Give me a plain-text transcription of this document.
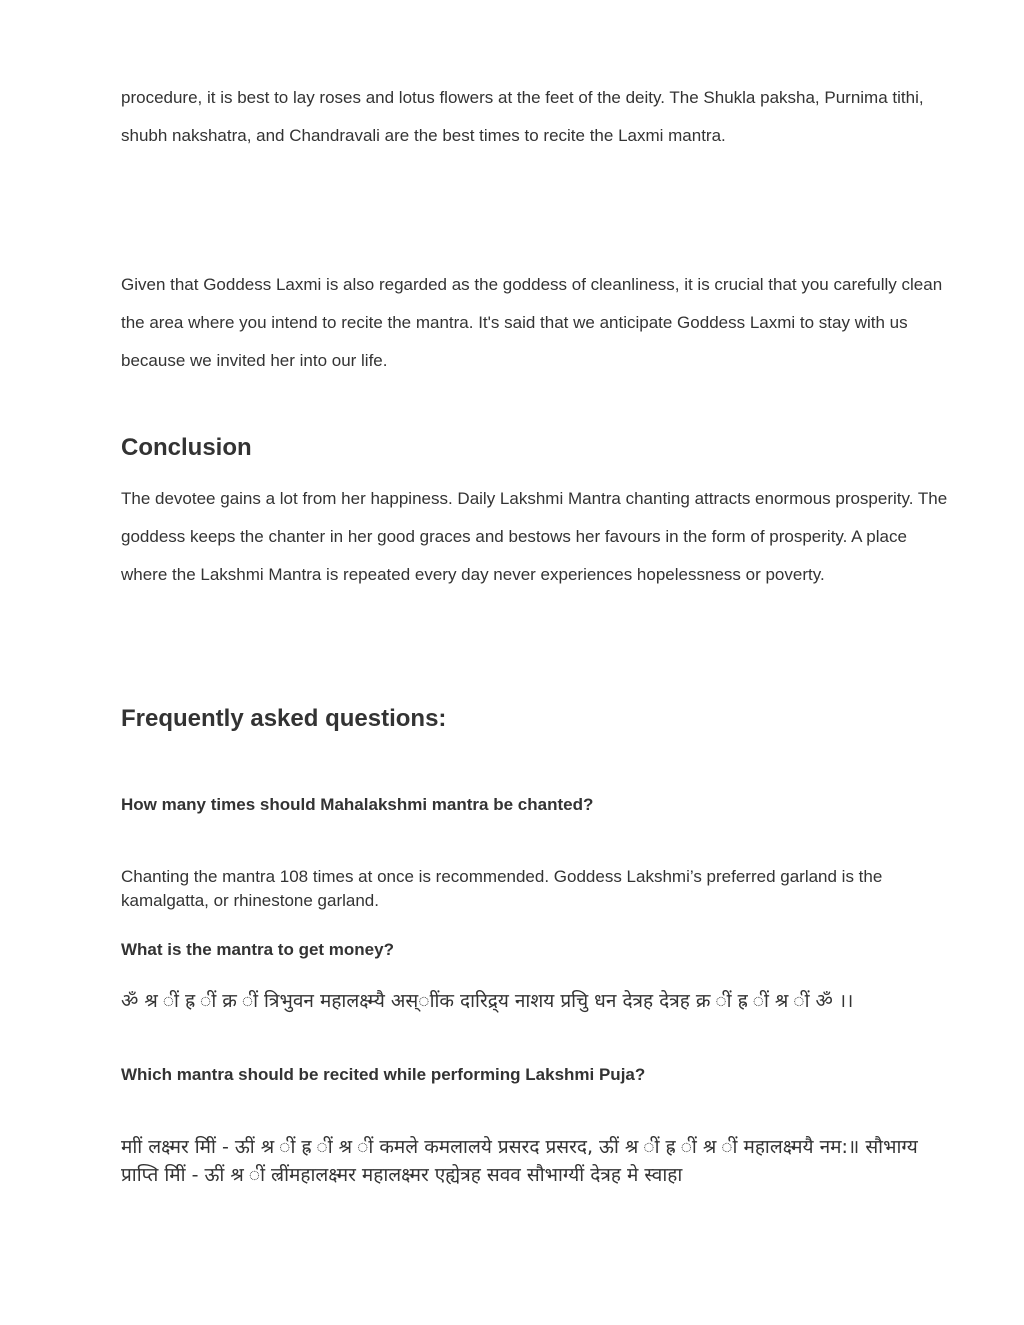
procedure, it is best to lay roses and lotus flowers at the feet of the deity. The Shukla paksha, Purnima tithi, shubh nakshatra, and Chandravali are the best times to recite the Laxmi mantra.

Given that Goddess Laxmi is also regarded as the goddess of cleanliness, it is crucial that you carefully clean the area where you intend to recite the mantra. It's said that we anticipate Goddess Laxmi to stay with us because we invited her into our life.

Conclusion

The devotee gains a lot from her happiness. Daily Lakshmi Mantra chanting attracts enormous prosperity. The goddess keeps the chanter in her good graces and bestows her favours in the form of prosperity. A place where the Lakshmi Mantra is repeated every day never experiences hopelessness or poverty.

Frequently asked questions:
How many times should Mahalakshmi mantra be chanted?

Chanting the mantra 108 times at once is recommended. Goddess Lakshmi’s preferred garland is the kamalgatta, or rhinestone garland.

What is the mantra to get money?

ॐ श्र ीं ह्र ीं क्र ीं त्रिभुवन महालक्ष्म्यै अस्ाींक दारिद्र्य नाशय प्रचुि धन देत्रह देत्रह क्र ीं ह्र ीं श्र ीं ॐ ।।

Which mantra should be recited while performing Lakshmi Puja?

माीं लक्ष्मर मिीं - ऊीं श्र ीं ह्र ीं श्र ीं कमले कमलालये प्रसरद प्रसरद, ऊीं श्र ीं ह्र ीं श्र ीं महालक्ष्मयै नम:॥ सौभाग्य प्राप्ति मिीं - ऊीं श्र ीं ल्रींमहालक्ष्मर महालक्ष्मर एह्येत्रह सवव सौभाग्यीं देत्रह मे स्वाहा
